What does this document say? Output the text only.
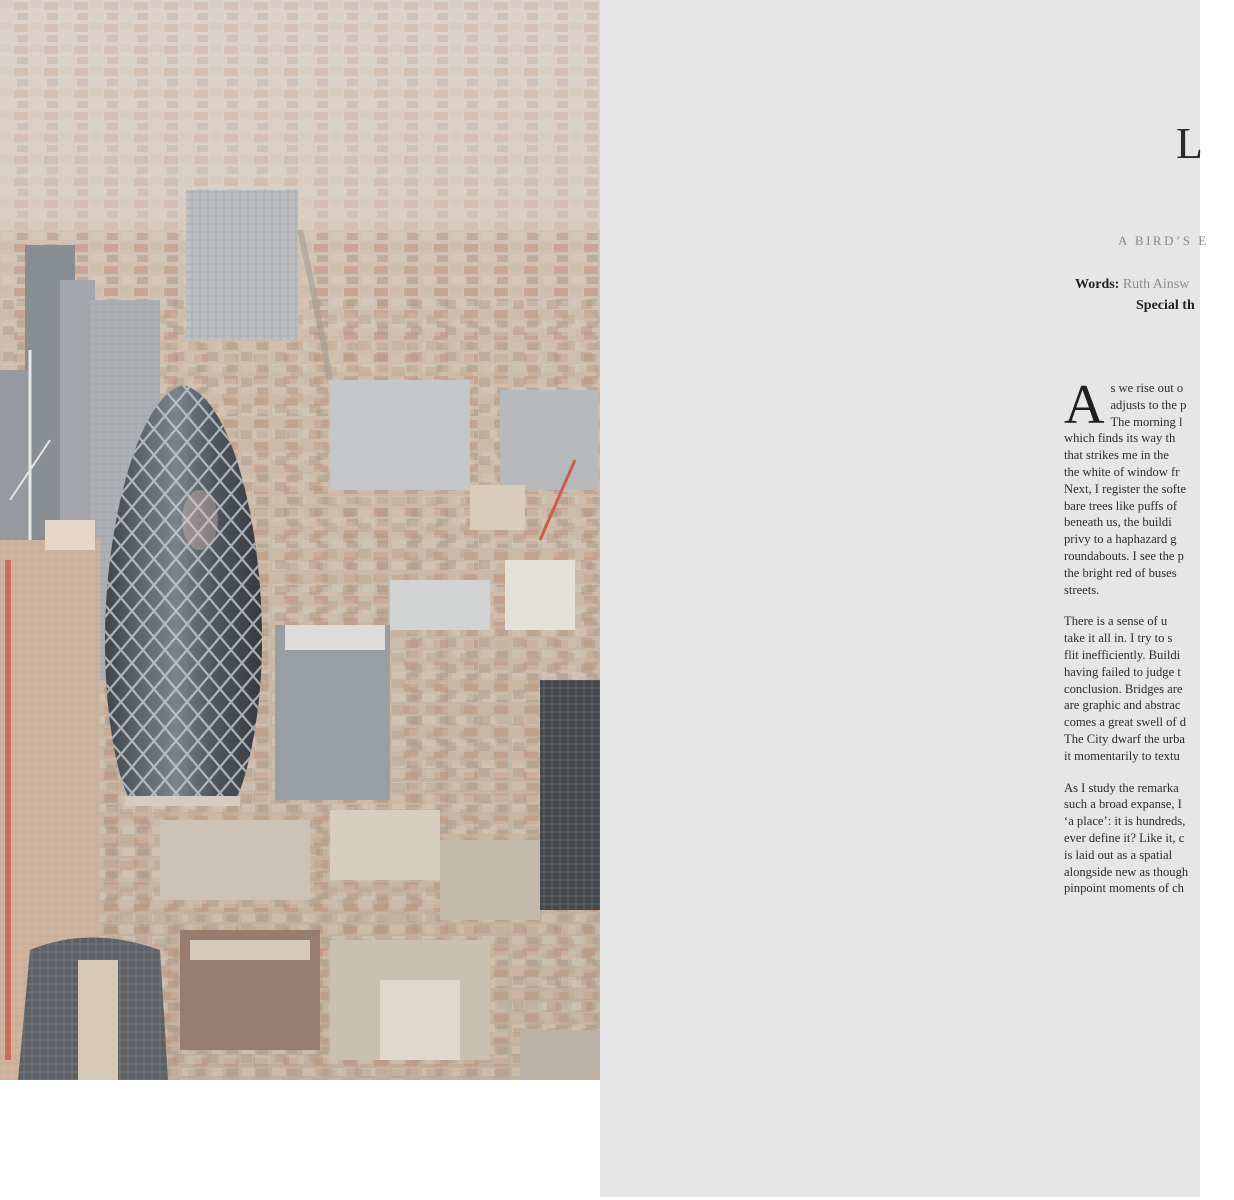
L
A BIRD’S E
Words: Ruth Ainsw
Special th

A s we rise out o
adjusts to the p
The morning l
which finds its way th
that strikes me in the
the white of window fr
Next, I register the softe
bare trees like puffs of
beneath us, the buildi
privy to a haphazard g
roundabouts. I see the p
the bright red of buses
streets.

There is a sense of u
take it all in. I try to s
flit inefficiently. Buildi
having failed to judge t
conclusion. Bridges are
are graphic and abstrac
comes a great swell of d
The City dwarf the urba
it momentarily to textu

As I study the remarka
such a broad expanse, I
‘a place’: it is hundreds,
ever define it? Like it, c
is laid out as a spatial
alongside new as though
pinpoint moments of ch
